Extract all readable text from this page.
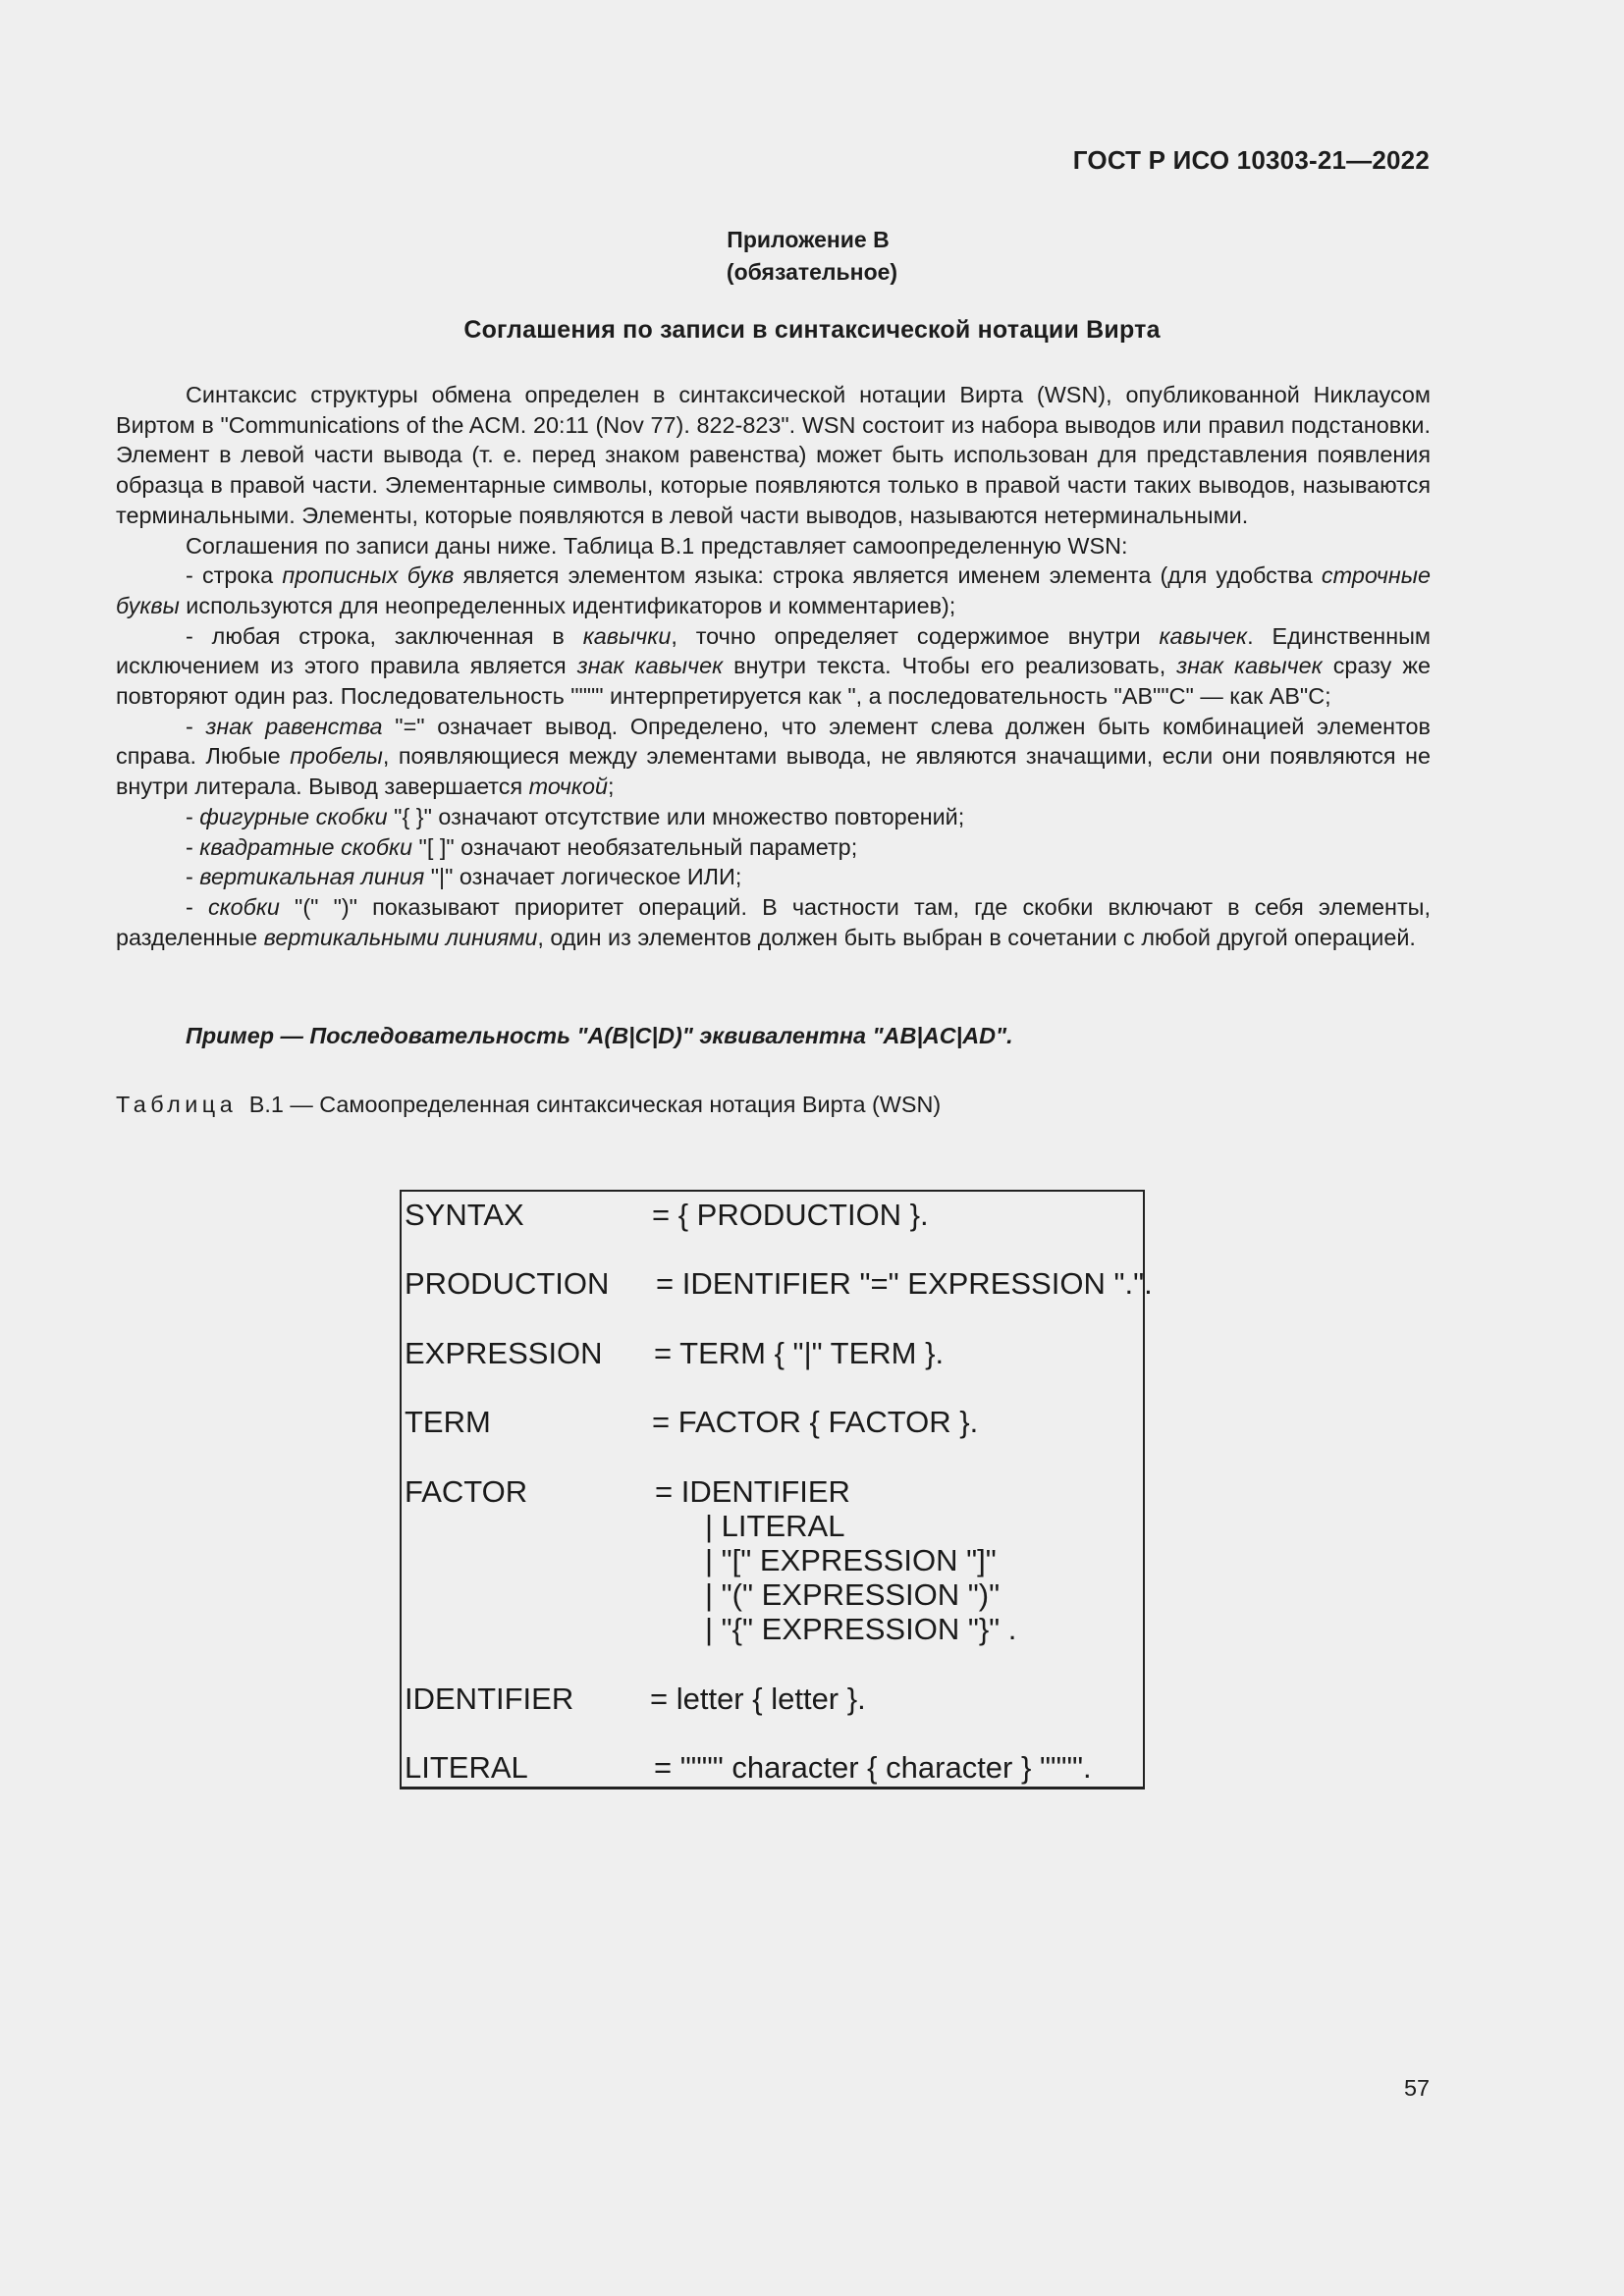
ГОСТ Р ИСО 10303-21—2022
Приложение В
(обязательное)
Соглашения по записи в синтаксической нотации Вирта

Синтаксис структуры обмена определен в синтаксической нотации Вирта (WSN), опубликованной Никлаусом Виртом в "Communications of the ACM. 20:11 (Nov 77). 822-823". WSN состоит из набора выводов или правил подстановки. Элемент в левой части вывода (т. е. перед знаком равенства) может быть использован для представления появления образца в правой части. Элементарные символы, которые появляются только в правой части таких выводов, называются терминальными. Элементы, которые появляются в левой части выводов, называются нетерминальными.

Соглашения по записи даны ниже. Таблица В.1 представляет самоопределенную WSN:

- строка прописных букв является элементом языка: строка является именем элемента (для удобства строчные буквы используются для неопределенных идентификаторов и комментариев);

- любая строка, заключенная в кавычки, точно определяет содержимое внутри кавычек. Единственным исключением из этого правила является знак кавычек внутри текста. Чтобы его реализовать, знак кавычек сразу же повторяют один раз. Последовательность """" интерпретируется как ", а последовательность "АВ""С" — как АВ"С;

- знак равенства "=" означает вывод. Определено, что элемент слева должен быть комбинацией элементов справа. Любые пробелы, появляющиеся между элементами вывода, не являются значащими, если они появляются не внутри литерала. Вывод завершается точкой;

- фигурные скобки "{ }" означают отсутствие или множество повторений;

- квадратные скобки "[ ]" означают необязательный параметр;

- вертикальная линия "|" означает логическое ИЛИ;

- скобки "(" ")" показывают приоритет операций. В частности там, где скобки включают в себя элементы, разделенные вертикальными линиями, один из элементов должен быть выбран в сочетании с любой другой операцией.

Пример — Последовательность "A(B|C|D)" эквивалентна "AB|AC|AD".
Таблица В.1 — Самоопределенная синтаксическая нотация Вирта (WSN)
SYNTAX	= { PRODUCTION }.
PRODUCTION = IDENTIFIER "=" EXPRESSION ".".
EXPRESSION = TERM { "|" TERM }.
TERM	= FACTOR { FACTOR }.
FACTOR	= IDENTIFIER
| LITERAL
| "[" EXPRESSION "]"
| "(" EXPRESSION ")"
| "{" EXPRESSION "}" .
IDENTIFIER	= letter { letter }.
LITERAL	= """" character { character } """".
57
